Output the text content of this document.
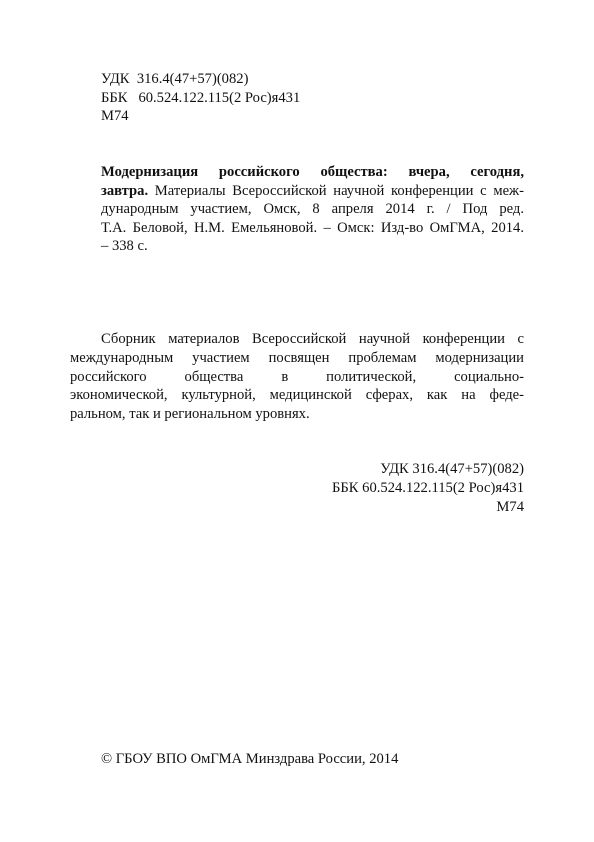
УДК  316.4(47+57)(082)
ББК   60.524.122.115(2 Рос)я431
М74
Модернизация российского общества: вчера, сегодня,
завтра. Материалы Всероссийской научной конференции с меж-
дународным участием, Омск, 8 апреля 2014 г. / Под ред.
Т.А. Беловой, Н.М. Емельяновой. – Омск: Изд-во ОмГМА, 2014.
– 338 с.
Сборник материалов Всероссийской научной конференции с
международным участием посвящен проблемам модернизации
российского общества в политической, социально-
экономической, культурной, медицинской сферах, как на феде-
ральном, так и региональном уровнях.
УДК 316.4(47+57)(082)
ББК 60.524.122.115(2 Рос)я431
М74
© ГБОУ ВПО ОмГМА Минздрава России, 2014
